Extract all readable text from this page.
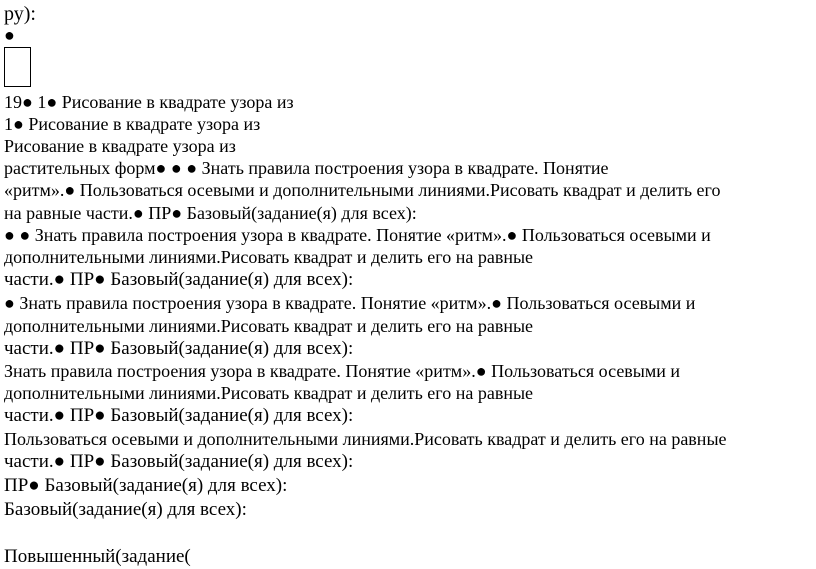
ру):
●
19● 1● Рисование в квадрате узора из
1● Рисование в квадрате узора из
Рисование в квадрате узора из
растительных форм● ● ● Знать правила построения узора в квадрате. Понятие
«ритм».● Пользоваться осевыми и дополнительными линиями.Рисовать квадрат и делить его
на равные части.● ПР● Базовый(задание(я) для всех):
● ● Знать правила построения узора в квадрате. Понятие «ритм».● Пользоваться осевыми и
дополнительными линиями.Рисовать квадрат и делить его на равные
части.● ПР● Базовый(задание(я) для всех):
● Знать правила построения узора в квадрате. Понятие «ритм».● Пользоваться осевыми и
дополнительными линиями.Рисовать квадрат и делить его на равные
части.● ПР● Базовый(задание(я) для всех):
Знать правила построения узора в квадрате. Понятие «ритм».● Пользоваться осевыми и
дополнительными линиями.Рисовать квадрат и делить его на равные
части.● ПР● Базовый(задание(я) для всех):
Пользоваться осевыми и дополнительными линиями.Рисовать квадрат и делить его на равные
части.● ПР● Базовый(задание(я) для всех):
ПР● Базовый(задание(я) для всех):
Базовый(задание(я) для всех):
Повышенный(задание(
